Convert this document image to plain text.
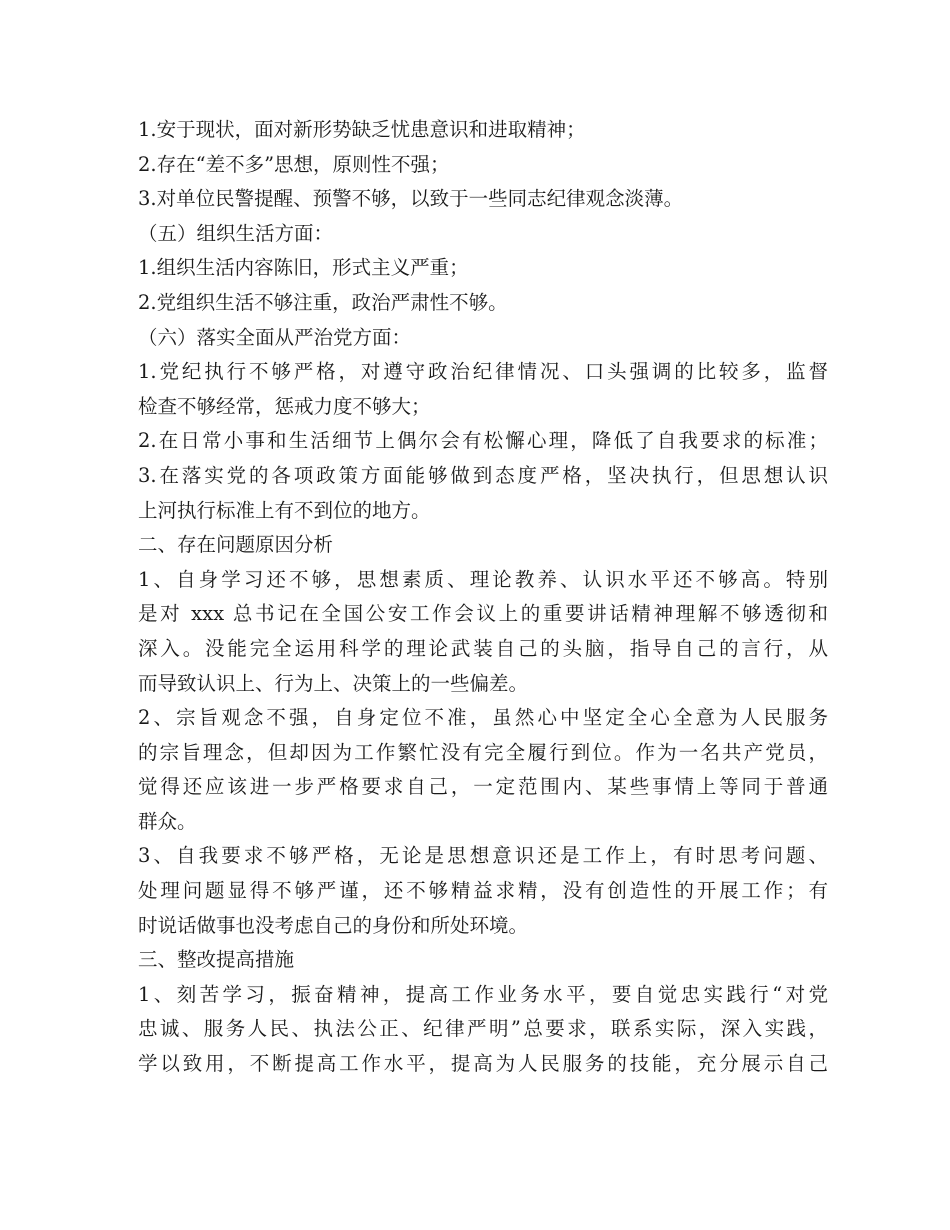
1.安于现状，面对新形势缺乏忧患意识和进取精神；
2.存在“差不多”思想，原则性不强；
3.对单位民警提醒、预警不够，以致于一些同志纪律观念淡薄。
（五）组织生活方面：
1.组织生活内容陈旧，形式主义严重；
2.党组织生活不够注重，政治严肃性不够。
（六）落实全面从严治党方面：
1.党纪执行不够严格，对遵守政治纪律情况、口头强调的比较多，监督
检查不够经常，惩戒力度不够大；
2.在日常小事和生活细节上偶尔会有松懈心理，降低了自我要求的标准；
3.在落实党的各项政策方面能够做到态度严格，坚决执行，但思想认识
上河执行标准上有不到位的地方。
二、存在问题原因分析
1、自身学习还不够，思想素质、理论教养、认识水平还不够高。特别
是对 xxx 总书记在全国公安工作会议上的重要讲话精神理解不够透彻和
深入。没能完全运用科学的理论武装自己的头脑，指导自己的言行，从
而导致认识上、行为上、决策上的一些偏差。
2、宗旨观念不强，自身定位不准，虽然心中坚定全心全意为人民服务
的宗旨理念，但却因为工作繁忙没有完全履行到位。作为一名共产党员，
觉得还应该进一步严格要求自己，一定范围内、某些事情上等同于普通
群众。
3、自我要求不够严格，无论是思想意识还是工作上，有时思考问题、
处理问题显得不够严谨，还不够精益求精，没有创造性的开展工作；有
时说话做事也没考虑自己的身份和所处环境。
三、整改提高措施
1、刻苦学习，振奋精神，提高工作业务水平，要自觉忠实践行“对党
忠诚、服务人民、执法公正、纪律严明”总要求，联系实际，深入实践，
学以致用，不断提高工作水平，提高为人民服务的技能，充分展示自己
